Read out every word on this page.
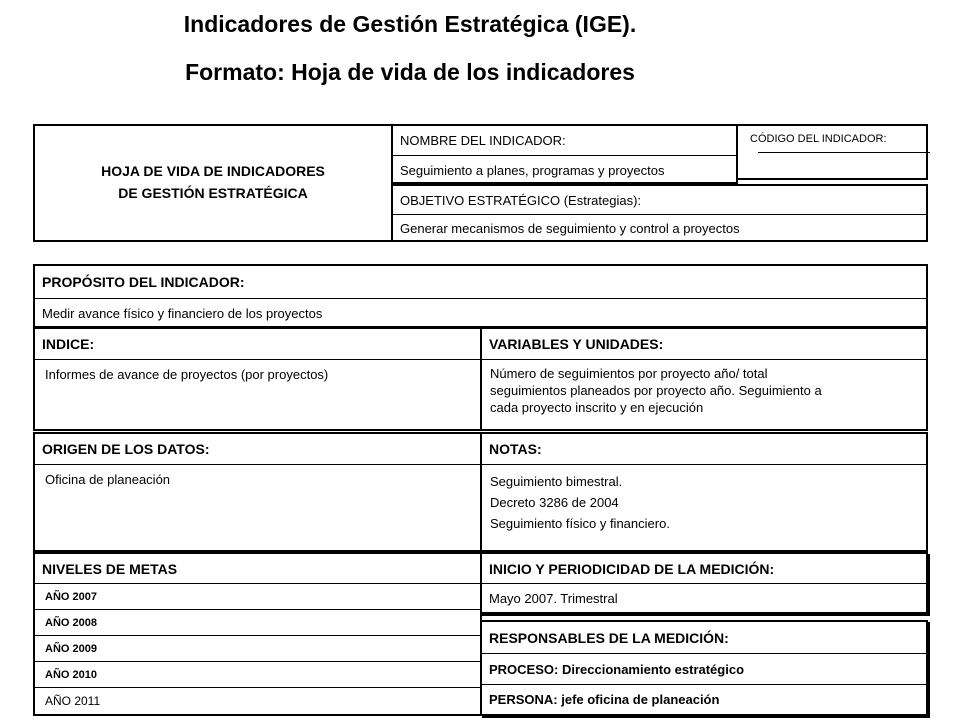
Indicadores de Gestión Estratégica (IGE).
Formato: Hoja de vida de los indicadores
HOJA DE VIDA DE INDICADORES
DE GESTIÓN ESTRATÉGICA
NOMBRE DEL INDICADOR:
Seguimiento a planes, programas y proyectos
CÓDIGO DEL INDICADOR:
OBJETIVO ESTRATÉGICO (Estrategias):
Generar mecanismos de seguimiento y control a proyectos
PROPÓSITO DEL INDICADOR:
Medir avance físico y financiero de los proyectos
INDICE:
Informes de avance de proyectos (por proyectos)
VARIABLES Y UNIDADES:
Número de seguimientos por proyecto año/ total
seguimientos planeados por proyecto año. Seguimiento a
cada proyecto inscrito y en ejecución
ORIGEN DE LOS DATOS:
Oficina de planeación
NOTAS:
Seguimiento bimestral.
Decreto 3286 de 2004
Seguimiento físico y financiero.
NIVELES DE METAS
AÑO 2007
AÑO 2008
AÑO 2009
AÑO 2010
AÑO 2011
INICIO Y PERIODICIDAD DE LA MEDICIÓN:
Mayo 2007. Trimestral
RESPONSABLES DE LA MEDICIÓN:
PROCESO: Direccionamiento estratégico
PERSONA: jefe oficina de planeación
